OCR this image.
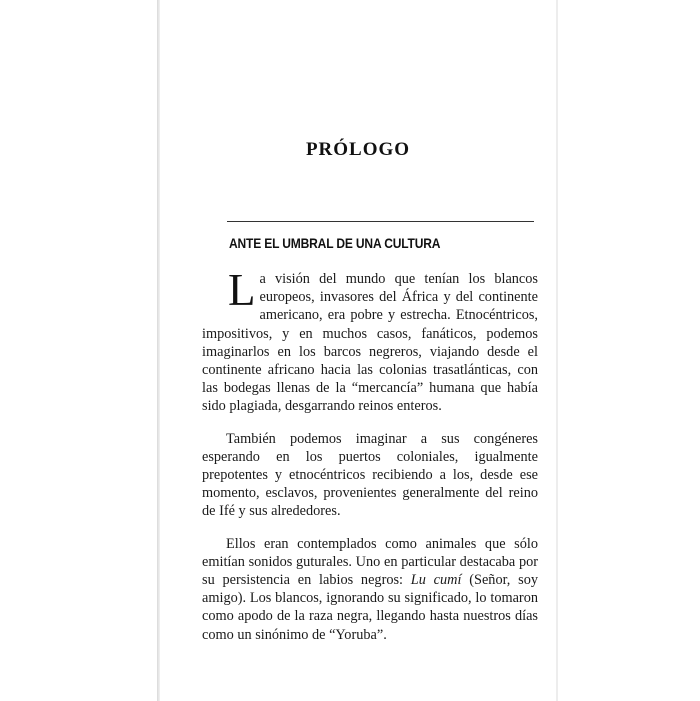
PRÓLOGO
ANTE EL UMBRAL DE UNA CULTURA

La visión del mundo que tenían los blancos europeos, invasores del África y del continente americano, era pobre y estrecha. Etnocéntricos, impositivos, y en muchos casos, fanáticos, podemos imaginarlos en los barcos negreros, viajando desde el continente africano hacia las colonias trasatlánticas, con las bodegas llenas de la “mercancía” humana que había sido plagiada, desgarrando reinos enteros.

También podemos imaginar a sus congéneres esperando en los puertos coloniales, igualmente prepotentes y etnocéntricos recibiendo a los, desde ese momento, esclavos, provenientes generalmente del reino de Ifé y sus alrededores.

Ellos eran contemplados como animales que sólo emitían sonidos guturales. Uno en particular destacaba por su persistencia en labios negros: Lu cumí (Señor, soy amigo). Los blancos, ignorando su significado, lo tomaron como apodo de la raza negra, llegando hasta nuestros días como un sinónimo de “Yoruba”.
